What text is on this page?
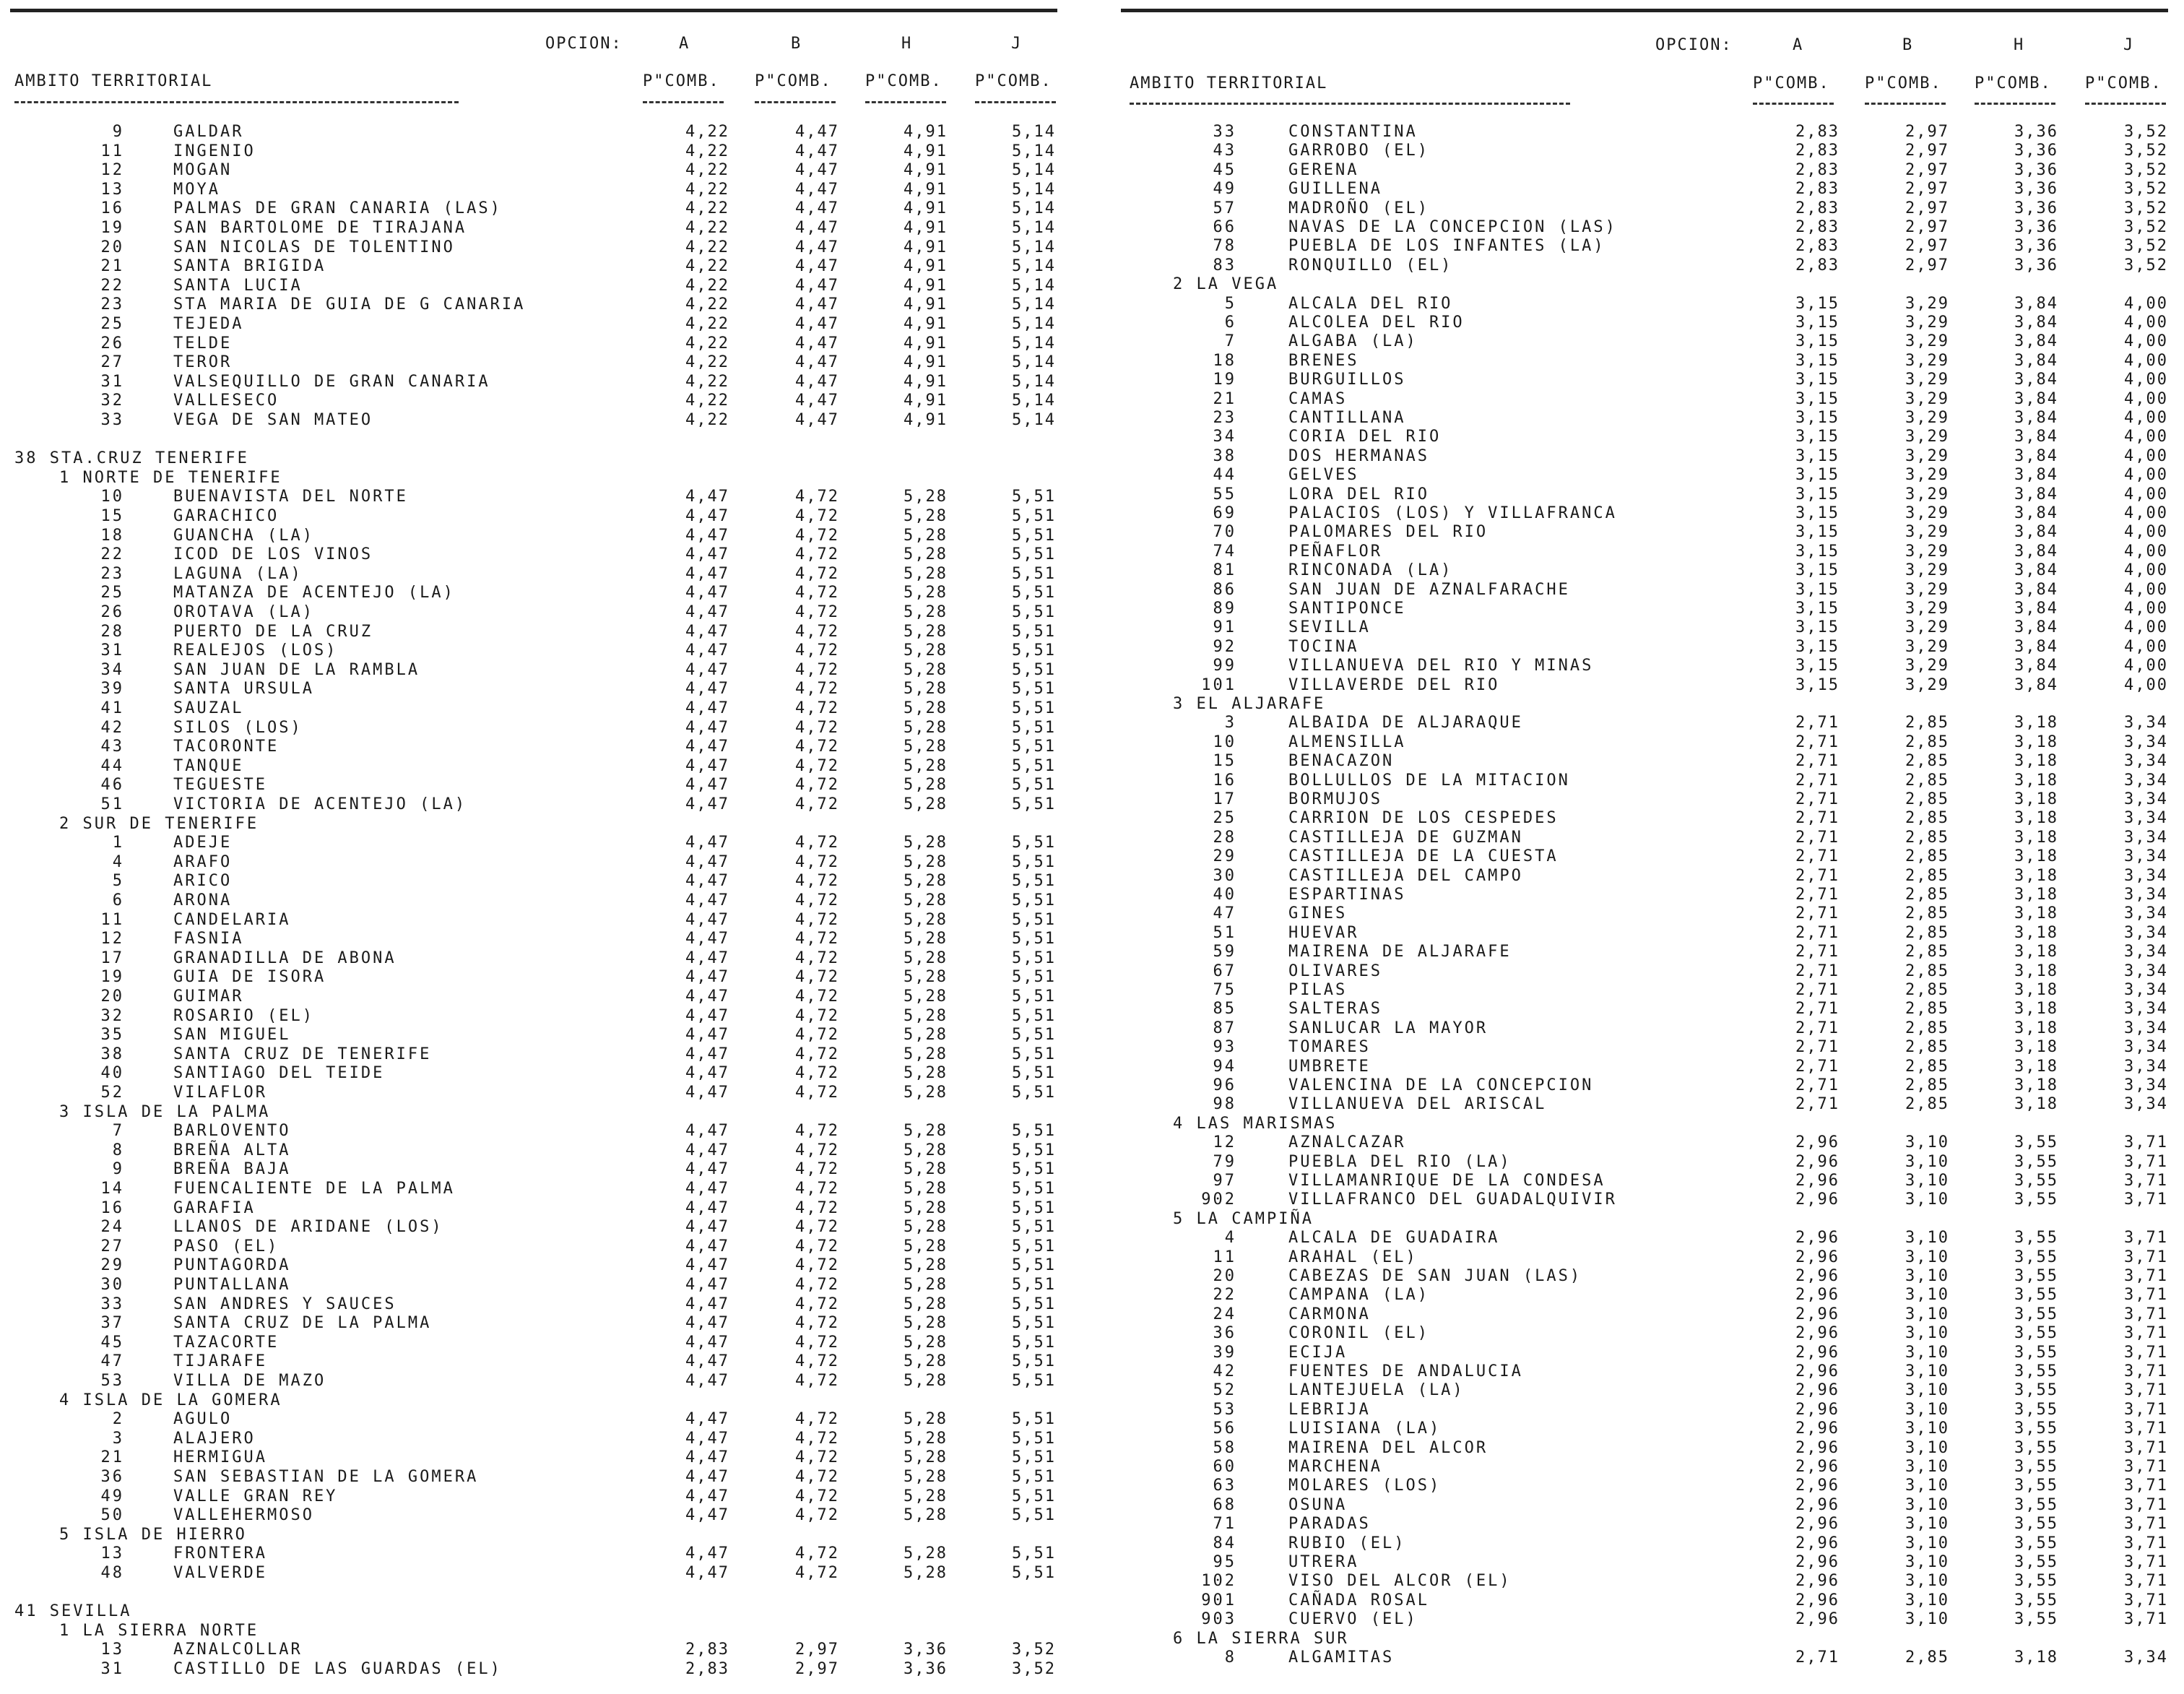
OPCION:	A	B	H	J
AMBITO TERRITORIAL	P"COMB. P"COMB. P"COMB. P"COMB.
9	GALDAR	4,22	4,47	4,91	5,14
11	INGENIO	4,22	4,47	4,91	5,14
12	MOGAN	4,22	4,47	4,91	5,14
13	MOYA	4,22	4,47	4,91	5,14
16	PALMAS DE GRAN CANARIA (LAS)	4,22	4,47	4,91	5,14
19	SAN BARTOLOME DE TIRAJANA	4,22	4,47	4,91	5,14
20	SAN NICOLAS DE TOLENTINO	4,22	4,47	4,91	5,14
21	SANTA BRIGIDA	4,22	4,47	4,91	5,14
22	SANTA LUCIA	4,22	4,47	4,91	5,14
23	STA MARIA DE GUIA DE G CANARIA	4,22	4,47	4,91	5,14
25	TEJEDA	4,22	4,47	4,91	5,14
26	TELDE	4,22	4,47	4,91	5,14
27	TEROR	4,22	4,47	4,91	5,14
31	VALSEQUILLO DE GRAN CANARIA	4,22	4,47	4,91	5,14
32	VALLESECO	4,22	4,47	4,91	5,14
33	VEGA DE SAN MATEO	4,22	4,47	4,91	5,14
38 STA.CRUZ TENERIFE
1 NORTE DE TENERIFE
10	BUENAVISTA DEL NORTE	4,47	4,72	5,28	5,51
15	GARACHICO	4,47	4,72	5,28	5,51
18	GUANCHA (LA)	4,47	4,72	5,28	5,51
22	ICOD DE LOS VINOS	4,47	4,72	5,28	5,51
23	LAGUNA (LA)	4,47	4,72	5,28	5,51
25	MATANZA DE ACENTEJO (LA)	4,47	4,72	5,28	5,51
26	OROTAVA (LA)	4,47	4,72	5,28	5,51
28	PUERTO DE LA CRUZ	4,47	4,72	5,28	5,51
31	REALEJOS (LOS)	4,47	4,72	5,28	5,51
34	SAN JUAN DE LA RAMBLA	4,47	4,72	5,28	5,51
39	SANTA URSULA	4,47	4,72	5,28	5,51
41	SAUZAL	4,47	4,72	5,28	5,51
42	SILOS (LOS)	4,47	4,72	5,28	5,51
43	TACORONTE	4,47	4,72	5,28	5,51
44	TANQUE	4,47	4,72	5,28	5,51
46	TEGUESTE	4,47	4,72	5,28	5,51
51	VICTORIA DE ACENTEJO (LA)	4,47	4,72	5,28	5,51
2 SUR DE TENERIFE
1	ADEJE	4,47	4,72	5,28	5,51
4	ARAFO	4,47	4,72	5,28	5,51
5	ARICO	4,47	4,72	5,28	5,51
6	ARONA	4,47	4,72	5,28	5,51
11	CANDELARIA	4,47	4,72	5,28	5,51
12	FASNIA	4,47	4,72	5,28	5,51
17	GRANADILLA DE ABONA	4,47	4,72	5,28	5,51
19	GUIA DE ISORA	4,47	4,72	5,28	5,51
20	GUIMAR	4,47	4,72	5,28	5,51
32	ROSARIO (EL)	4,47	4,72	5,28	5,51
35	SAN MIGUEL	4,47	4,72	5,28	5,51
38	SANTA CRUZ DE TENERIFE	4,47	4,72	5,28	5,51
40	SANTIAGO DEL TEIDE	4,47	4,72	5,28	5,51
52	VILAFLOR	4,47	4,72	5,28	5,51
3 ISLA DE LA PALMA
7	BARLOVENTO	4,47	4,72	5,28	5,51
8	BREÑA ALTA	4,47	4,72	5,28	5,51
9	BREÑA BAJA	4,47	4,72	5,28	5,51
14	FUENCALIENTE DE LA PALMA	4,47	4,72	5,28	5,51
16	GARAFIA	4,47	4,72	5,28	5,51
24	LLANOS DE ARIDANE (LOS)	4,47	4,72	5,28	5,51
27	PASO (EL)	4,47	4,72	5,28	5,51
29	PUNTAGORDA	4,47	4,72	5,28	5,51
30	PUNTALLANA	4,47	4,72	5,28	5,51
33	SAN ANDRES Y SAUCES	4,47	4,72	5,28	5,51
37	SANTA CRUZ DE LA PALMA	4,47	4,72	5,28	5,51
45	TAZACORTE	4,47	4,72	5,28	5,51
47	TIJARAFE	4,47	4,72	5,28	5,51
53	VILLA DE MAZO	4,47	4,72	5,28	5,51
4 ISLA DE LA GOMERA
2	AGULO	4,47	4,72	5,28	5,51
3	ALAJERO	4,47	4,72	5,28	5,51
21	HERMIGUA	4,47	4,72	5,28	5,51
36	SAN SEBASTIAN DE LA GOMERA	4,47	4,72	5,28	5,51
49	VALLE GRAN REY	4,47	4,72	5,28	5,51
50	VALLEHERMOSO	4,47	4,72	5,28	5,51
5 ISLA DE HIERRO
13	FRONTERA	4,47	4,72	5,28	5,51
48	VALVERDE	4,47	4,72	5,28	5,51
41 SEVILLA
1 LA SIERRA NORTE
13	AZNALCOLLAR	2,83	2,97	3,36	3,52
31	CASTILLO DE LAS GUARDAS (EL)	2,83	2,97	3,36	3,52
OPCION:	A	B	H	J
AMBITO TERRITORIAL	P"COMB. P"COMB. P"COMB. P"COMB.
33	CONSTANTINA	2,83	2,97	3,36	3,52
43	GARROBO (EL)	2,83	2,97	3,36	3,52
45	GERENA	2,83	2,97	3,36	3,52
49	GUILLENA	2,83	2,97	3,36	3,52
57	MADROÑO (EL)	2,83	2,97	3,36	3,52
66	NAVAS DE LA CONCEPCION (LAS)	2,83	2,97	3,36	3,52
78	PUEBLA DE LOS INFANTES (LA)	2,83	2,97	3,36	3,52
83	RONQUILLO (EL)	2,83	2,97	3,36	3,52
2 LA VEGA
5	ALCALA DEL RIO	3,15	3,29	3,84	4,00
6	ALCOLEA DEL RIO	3,15	3,29	3,84	4,00
7	ALGABA (LA)	3,15	3,29	3,84	4,00
18	BRENES	3,15	3,29	3,84	4,00
19	BURGUILLOS	3,15	3,29	3,84	4,00
21	CAMAS	3,15	3,29	3,84	4,00
23	CANTILLANA	3,15	3,29	3,84	4,00
34	CORIA DEL RIO	3,15	3,29	3,84	4,00
38	DOS HERMANAS	3,15	3,29	3,84	4,00
44	GELVES	3,15	3,29	3,84	4,00
55	LORA DEL RIO	3,15	3,29	3,84	4,00
69	PALACIOS (LOS) Y VILLAFRANCA	3,15	3,29	3,84	4,00
70	PALOMARES DEL RIO	3,15	3,29	3,84	4,00
74	PEÑAFLOR	3,15	3,29	3,84	4,00
81	RINCONADA (LA)	3,15	3,29	3,84	4,00
86	SAN JUAN DE AZNALFARACHE	3,15	3,29	3,84	4,00
89	SANTIPONCE	3,15	3,29	3,84	4,00
91	SEVILLA	3,15	3,29	3,84	4,00
92	TOCINA	3,15	3,29	3,84	4,00
99	VILLANUEVA DEL RIO Y MINAS	3,15	3,29	3,84	4,00
101	VILLAVERDE DEL RIO	3,15	3,29	3,84	4,00
3 EL ALJARAFE
3	ALBAIDA DE ALJARAQUE	2,71	2,85	3,18	3,34
10	ALMENSILLA	2,71	2,85	3,18	3,34
15	BENACAZON	2,71	2,85	3,18	3,34
16	BOLLULLOS DE LA MITACION	2,71	2,85	3,18	3,34
17	BORMUJOS	2,71	2,85	3,18	3,34
25	CARRION DE LOS CESPEDES	2,71	2,85	3,18	3,34
28	CASTILLEJA DE GUZMAN	2,71	2,85	3,18	3,34
29	CASTILLEJA DE LA CUESTA	2,71	2,85	3,18	3,34
30	CASTILLEJA DEL CAMPO	2,71	2,85	3,18	3,34
40	ESPARTINAS	2,71	2,85	3,18	3,34
47	GINES	2,71	2,85	3,18	3,34
51	HUEVAR	2,71	2,85	3,18	3,34
59	MAIRENA DE ALJARAFE	2,71	2,85	3,18	3,34
67	OLIVARES	2,71	2,85	3,18	3,34
75	PILAS	2,71	2,85	3,18	3,34
85	SALTERAS	2,71	2,85	3,18	3,34
87	SANLUCAR LA MAYOR	2,71	2,85	3,18	3,34
93	TOMARES	2,71	2,85	3,18	3,34
94	UMBRETE	2,71	2,85	3,18	3,34
96	VALENCINA DE LA CONCEPCION	2,71	2,85	3,18	3,34
98	VILLANUEVA DEL ARISCAL	2,71	2,85	3,18	3,34
4 LAS MARISMAS
12	AZNALCAZAR	2,96	3,10	3,55	3,71
79	PUEBLA DEL RIO (LA)	2,96	3,10	3,55	3,71
97	VILLAMANRIQUE DE LA CONDESA	2,96	3,10	3,55	3,71
902	VILLAFRANCO DEL GUADALQUIVIR	2,96	3,10	3,55	3,71
5 LA CAMPIÑA
4	ALCALA DE GUADAIRA	2,96	3,10	3,55	3,71
11	ARAHAL (EL)	2,96	3,10	3,55	3,71
20	CABEZAS DE SAN JUAN (LAS)	2,96	3,10	3,55	3,71
22	CAMPANA (LA)	2,96	3,10	3,55	3,71
24	CARMONA	2,96	3,10	3,55	3,71
36	CORONIL (EL)	2,96	3,10	3,55	3,71
39	ECIJA	2,96	3,10	3,55	3,71
42	FUENTES DE ANDALUCIA	2,96	3,10	3,55	3,71
52	LANTEJUELA (LA)	2,96	3,10	3,55	3,71
53	LEBRIJA	2,96	3,10	3,55	3,71
56	LUISIANA (LA)	2,96	3,10	3,55	3,71
58	MAIRENA DEL ALCOR	2,96	3,10	3,55	3,71
60	MARCHENA	2,96	3,10	3,55	3,71
63	MOLARES (LOS)	2,96	3,10	3,55	3,71
68	OSUNA	2,96	3,10	3,55	3,71
71	PARADAS	2,96	3,10	3,55	3,71
84	RUBIO (EL)	2,96	3,10	3,55	3,71
95	UTRERA	2,96	3,10	3,55	3,71
102	VISO DEL ALCOR (EL)	2,96	3,10	3,55	3,71
901	CAÑADA ROSAL	2,96	3,10	3,55	3,71
903	CUERVO (EL)	2,96	3,10	3,55	3,71
6 LA SIERRA SUR
8	ALGAMITAS	2,71	2,85	3,18	3,34
